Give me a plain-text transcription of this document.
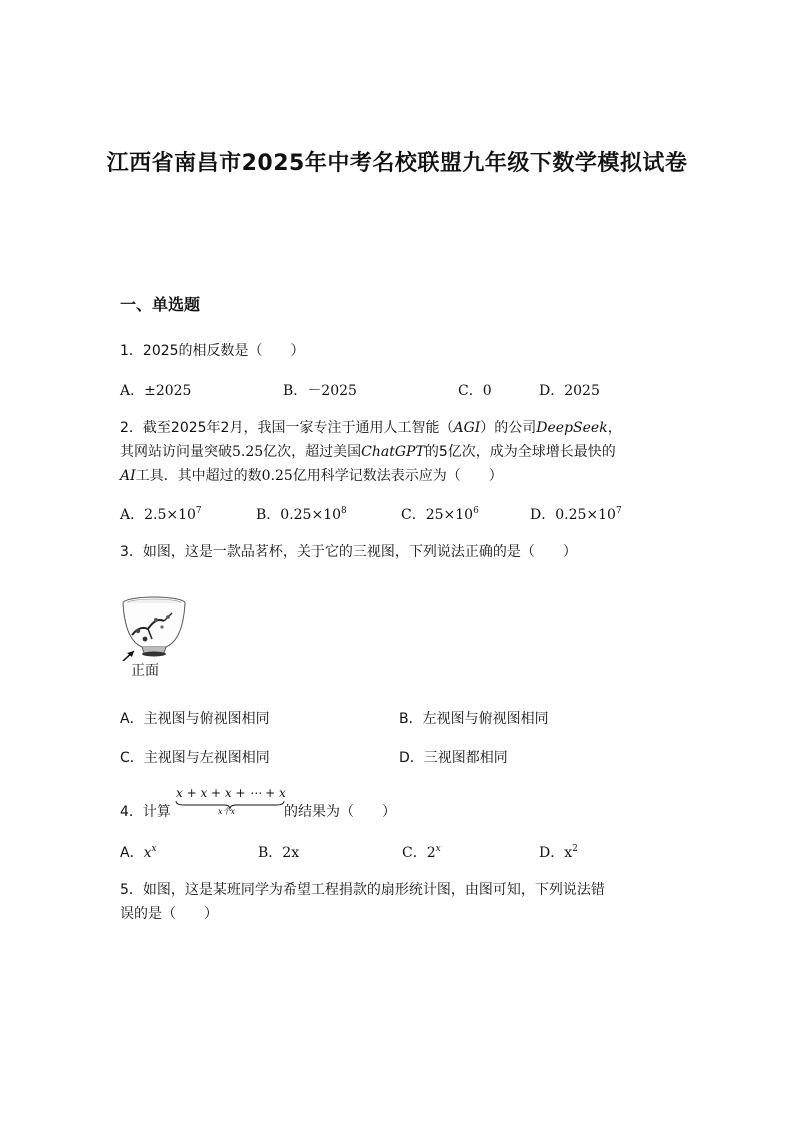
江西省南昌市2025年中考名校联盟九年级下数学模拟试卷
一、单选题
1．2025的相反数是（　　）
A．±2025	B．－2025	C．0	D．2025
2．截至2025年2月，我国一家专注于通用人工智能（AGI）的公司DeepSeek，
其网站访问量突破5.25亿次，超过美国ChatGPT的5亿次，成为全球增长最快的
AI工具．其中超过的数0.25亿用科学记数法表示应为（　　）
A．$2.5\times 10^7$	B．$0.25\times 10^8$	C．$25\times 10^6$	D．$0.25\times 10^7$
3．如图，这是一款品茗杯，关于它的三视图，下列说法正确的是（　　）
正面
A．主视图与俯视图相同	B．左视图与俯视图相同
C．主视图与左视图相同	D．三视图都相同
4．计算
x + x + x + ⋯ + x
x个x	的结果为（　　）
A．$x^x$	B．2x	C．2$^x$	D．$x^2$
5．如图，这是某班同学为希望工程捐款的扇形统计图，由图可知，下列说法错
误的是（　　）
